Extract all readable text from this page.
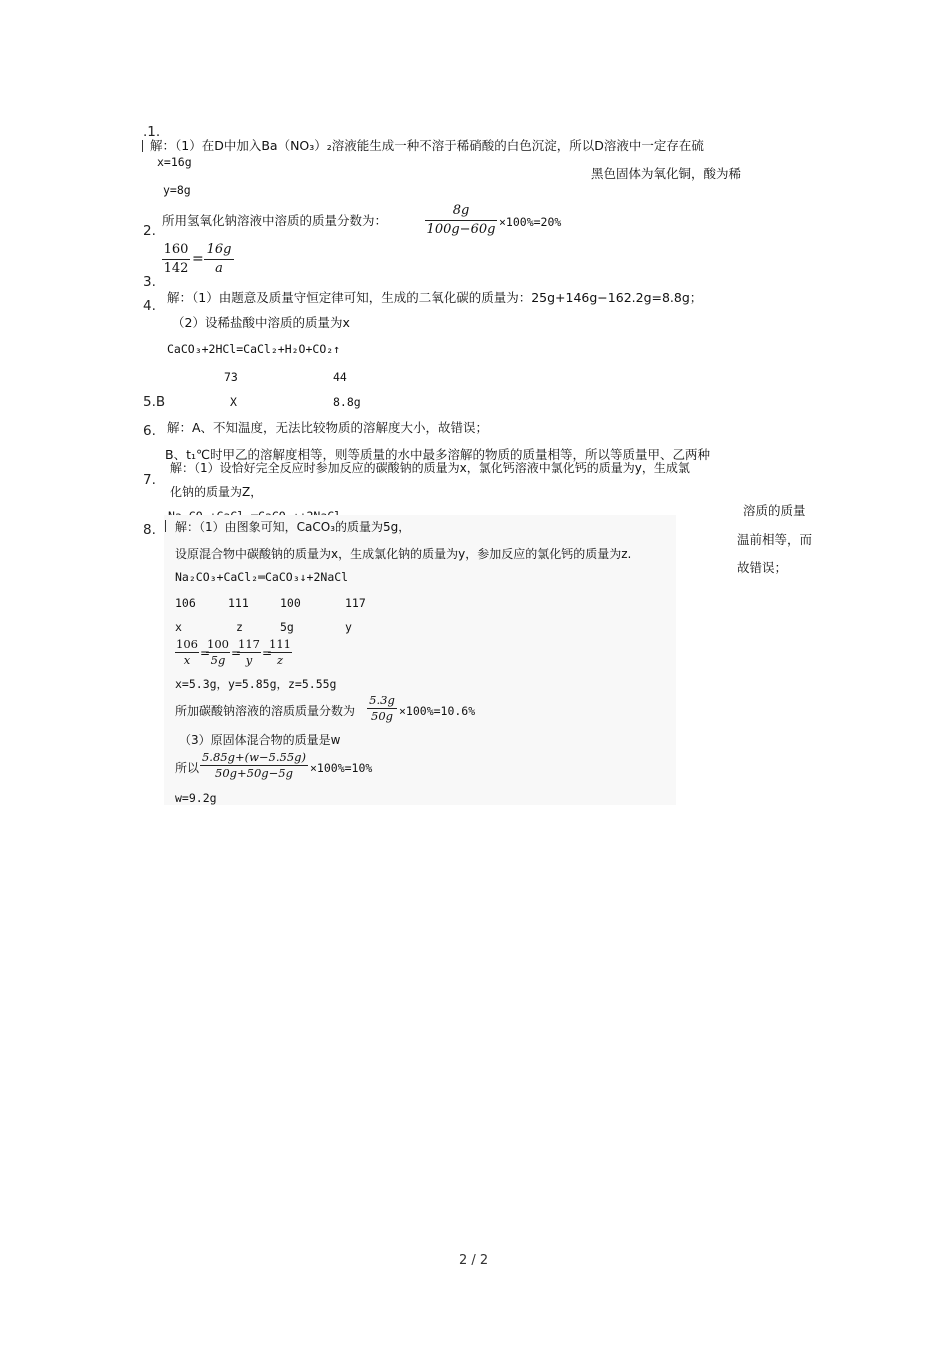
.1.
2.
3.
4.
5.B
6.
7.
8.
解：（1）在D中加入Ba（NO₃）₂溶液能生成一种不溶于稀硝酸的白色沉淀，所以D溶液中一定存在硫
x=16g
黑色固体为氧化铜，酸为稀
y=8g
所用氢氧化钠溶液中溶质的质量分数为：
8g
100g−60g ×100%=20%
160
142
=
16g
a
解：（1）由题意及质量守恒定律可知，生成的二氧化碳的质量为：25g+146g−162.2g=8.8g；
（2）设稀盐酸中溶质的质量为x
CaCO₃+2HCl=CaCl₂+H₂O+CO₂↑
73	44
X	8.8g
解：A、不知温度，无法比较物质的溶解度大小，故错误；
B、t₁℃时甲乙的溶解度相等，则等质量的水中最多溶解的物质的质量相等，所以等质量甲、乙两种
解：（1）设恰好完全反应时参加反应的碳酸钠的质量为x，氯化钙溶液中氯化钙的质量为y，生成氯
化钠的质量为Z，
溶质的质量
温前相等，而
故错误；
解：（1）由图象可知，CaCO₃的质量为5g，
设原混合物中碳酸钠的质量为x，生成氯化钠的质量为y，参加反应的氯化钙的质量为z.
Na₂CO₃+CaCl₂═CaCO₃↓+2NaCl
106	111	100	117
x	z	5g	y
106
x =
100
5g =
117
y =
111
z
x=5.3g，y=5.85g，z=5.55g
所加碳酸钠溶液的溶质质量分数为
5.3g
50g ×100%=10.6%
（3）原固体混合物的质量是w
所以
5.85g+(w−5.55g)
50g+50g−5g	×100%=10%
w=9.2g
2 / 2
